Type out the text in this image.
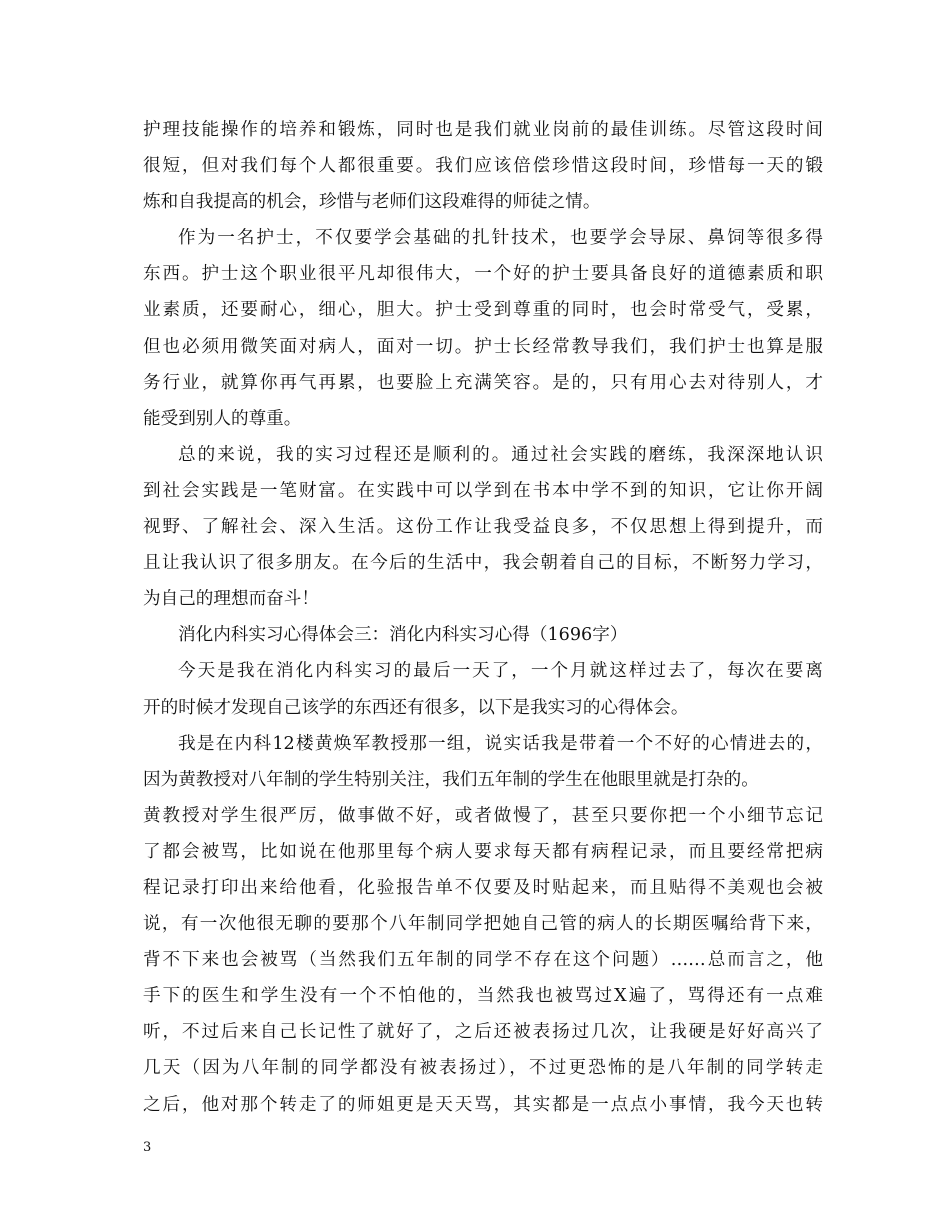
护理技能操作的培养和锻炼，同时也是我们就业岗前的最佳训练。尽管这段时间
很短，但对我们每个人都很重要。我们应该倍偿珍惜这段时间，珍惜每一天的锻
炼和自我提高的机会，珍惜与老师们这段难得的师徒之情。
作为一名护士，不仅要学会基础的扎针技术，也要学会导尿、鼻饲等很多得
东西。护士这个职业很平凡却很伟大，一个好的护士要具备良好的道德素质和职
业素质，还要耐心，细心，胆大。护士受到尊重的同时，也会时常受气，受累，
但也必须用微笑面对病人，面对一切。护士长经常教导我们，我们护士也算是服
务行业，就算你再气再累，也要脸上充满笑容。是的，只有用心去对待别人，才
能受到别人的尊重。
总的来说，我的实习过程还是顺利的。通过社会实践的磨练，我深深地认识
到社会实践是一笔财富。在实践中可以学到在书本中学不到的知识，它让你开阔
视野、了解社会、深入生活。这份工作让我受益良多，不仅思想上得到提升，而
且让我认识了很多朋友。在今后的生活中，我会朝着自己的目标，不断努力学习，
为自己的理想而奋斗！
消化内科实习心得体会三：消化内科实习心得（1696字）
今天是我在消化内科实习的最后一天了，一个月就这样过去了，每次在要离
开的时候才发现自己该学的东西还有很多，以下是我实习的心得体会。
我是在内科12楼黄焕军教授那一组，说实话我是带着一个不好的心情进去的，
因为黄教授对八年制的学生特别关注，我们五年制的学生在他眼里就是打杂的。
黄教授对学生很严厉，做事做不好，或者做慢了，甚至只要你把一个小细节忘记
了都会被骂，比如说在他那里每个病人要求每天都有病程记录，而且要经常把病
程记录打印出来给他看，化验报告单不仅要及时贴起来，而且贴得不美观也会被
说，有一次他很无聊的要那个八年制同学把她自己管的病人的长期医嘱给背下来，
背不下来也会被骂（当然我们五年制的同学不存在这个问题）……总而言之，他
手下的医生和学生没有一个不怕他的，当然我也被骂过X遍了，骂得还有一点难
听，不过后来自己长记性了就好了，之后还被表扬过几次，让我硬是好好高兴了
几天（因为八年制的同学都没有被表扬过），不过更恐怖的是八年制的同学转走
之后，他对那个转走了的师姐更是天天骂，其实都是一点点小事情，我今天也转
3
